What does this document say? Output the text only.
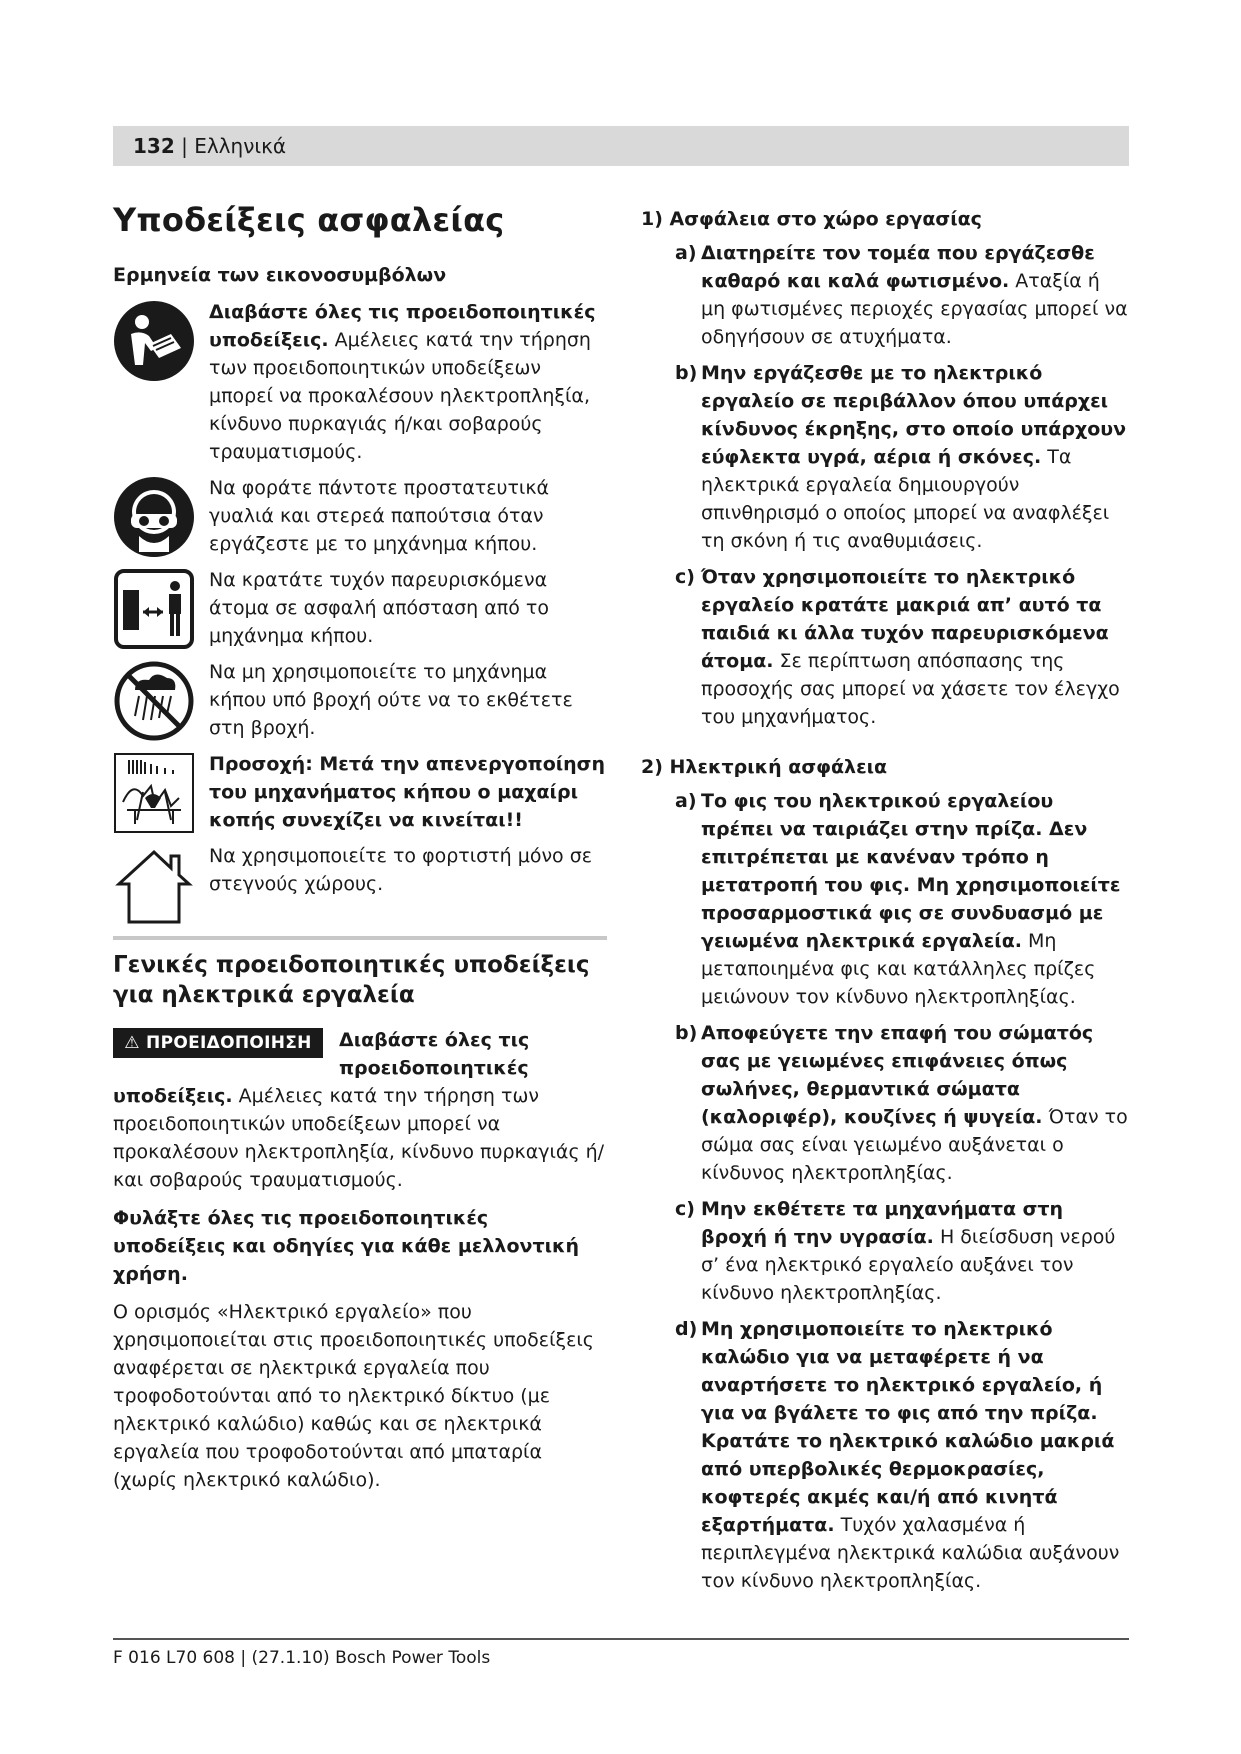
132 | Ελληνικά
Υποδείξεις ασφαλείας
Ερμηνεία των εικονοσυμβόλων
Διαβάστε όλες τις προειδοποιητικές υποδείξεις. Αμέλειες κατά την τήρηση των προειδοποιητικών υποδείξεων μπορεί να προκαλέσουν ηλεκτροπληξία, κίνδυνο πυρκαγιάς ή/και σοβαρούς τραυματισμούς.
Να φοράτε πάντοτε προστατευτικά γυαλιά και στερεά παπούτσια όταν εργάζεστε με το μηχάνημα κήπου.
Να κρατάτε τυχόν παρευρισκόμενα άτομα σε ασφαλή απόσταση από το μηχάνημα κήπου.
Να μη χρησιμοποιείτε το μηχάνημα κήπου υπό βροχή ούτε να το εκθέτετε στη βροχή.
Προσοχή: Μετά την απενεργοποίηση του μηχανήματος κήπου ο μαχαίρι κοπής συνεχίζει να κινείται!!
Να χρησιμοποιείτε το φορτιστή μόνο σε στεγνούς χώρους.
Γενικές προειδοποιητικές υποδείξεις για ηλεκτρικά εργαλεία
⚠ ΠΡΟΕΙΔΟΠΟΙΗΣΗ	Διαβάστε όλες τις προειδοποιητικές υποδείξεις. Αμέλειες κατά την τήρηση των προειδοποιητικών υποδείξεων μπορεί να προκαλέσουν ηλεκτροπληξία, κίνδυνο πυρκαγιάς ή/και σοβαρούς τραυματισμούς.
Φυλάξτε όλες τις προειδοποιητικές υποδείξεις και οδηγίες για κάθε μελλοντική χρήση.
Ο ορισμός «Ηλεκτρικό εργαλείο» που χρησιμοποιείται στις προειδοποιητικές υποδείξεις αναφέρεται σε ηλεκτρικά εργαλεία που τροφοδοτούνται από το ηλεκτρικό δίκτυο (με ηλεκτρικό καλώδιο) καθώς και σε ηλεκτρικά εργαλεία που τροφοδοτούνται από μπαταρία (χωρίς ηλεκτρικό καλώδιο).
1) Ασφάλεια στο χώρο εργασίας
a) Διατηρείτε τον τομέα που εργάζεσθε καθαρό και καλά φωτισμένο. Αταξία ή μη φωτισμένες περιοχές εργασίας μπορεί να οδηγήσουν σε ατυχήματα.
b) Μην εργάζεσθε με το ηλεκτρικό εργαλείο σε περιβάλλον όπου υπάρχει κίνδυνος έκρηξης, στο οποίο υπάρχουν εύφλεκτα υγρά, αέρια ή σκόνες. Τα ηλεκτρικά εργαλεία δημιουργούν σπινθηρισμό ο οποίος μπορεί να αναφλέξει τη σκόνη ή τις αναθυμιάσεις.
c) Όταν χρησιμοποιείτε το ηλεκτρικό εργαλείο κρατάτε μακριά απ’ αυτό τα παιδιά κι άλλα τυχόν παρευρισκόμενα άτομα. Σε περίπτωση απόσπασης της προσοχής σας μπορεί να χάσετε τον έλεγχο του μηχανήματος.
2) Ηλεκτρική ασφάλεια
a) Το φις του ηλεκτρικού εργαλείου πρέπει να ταιριάζει στην πρίζα. Δεν επιτρέπεται με κανέναν τρόπο η μετατροπή του φις. Μη χρησιμοποιείτε προσαρμοστικά φις σε συνδυασμό με γειωμένα ηλεκτρικά εργαλεία. Μη μεταποιημένα φις και κατάλληλες πρίζες μειώνουν τον κίνδυνο ηλεκτροπληξίας.
b) Αποφεύγετε την επαφή του σώματός σας με γειωμένες επιφάνειες όπως σωλήνες, θερμαντικά σώματα (καλοριφέρ), κουζίνες ή ψυγεία. Όταν το σώμα σας είναι γειωμένο αυξάνεται ο κίνδυνος ηλεκτροπληξίας.
c) Μην εκθέτετε τα μηχανήματα στη βροχή ή την υγρασία. Η διείσδυση νερού σ’ ένα ηλεκτρικό εργαλείο αυξάνει τον κίνδυνο ηλεκτροπληξίας.
d) Μη χρησιμοποιείτε το ηλεκτρικό καλώδιο για να μεταφέρετε ή να αναρτήσετε το ηλεκτρικό εργαλείο, ή για να βγάλετε το φις από την πρίζα. Κρατάτε το ηλεκτρικό καλώδιο μακριά από υπερβολικές θερμοκρασίες, κοφτερές ακμές και/ή από κινητά εξαρτήματα. Τυχόν χαλασμένα ή περιπλεγμένα ηλεκτρικά καλώδια αυξάνουν τον κίνδυνο ηλεκτροπληξίας.
F 016 L70 608 | (27.1.10) Bosch Power Tools
